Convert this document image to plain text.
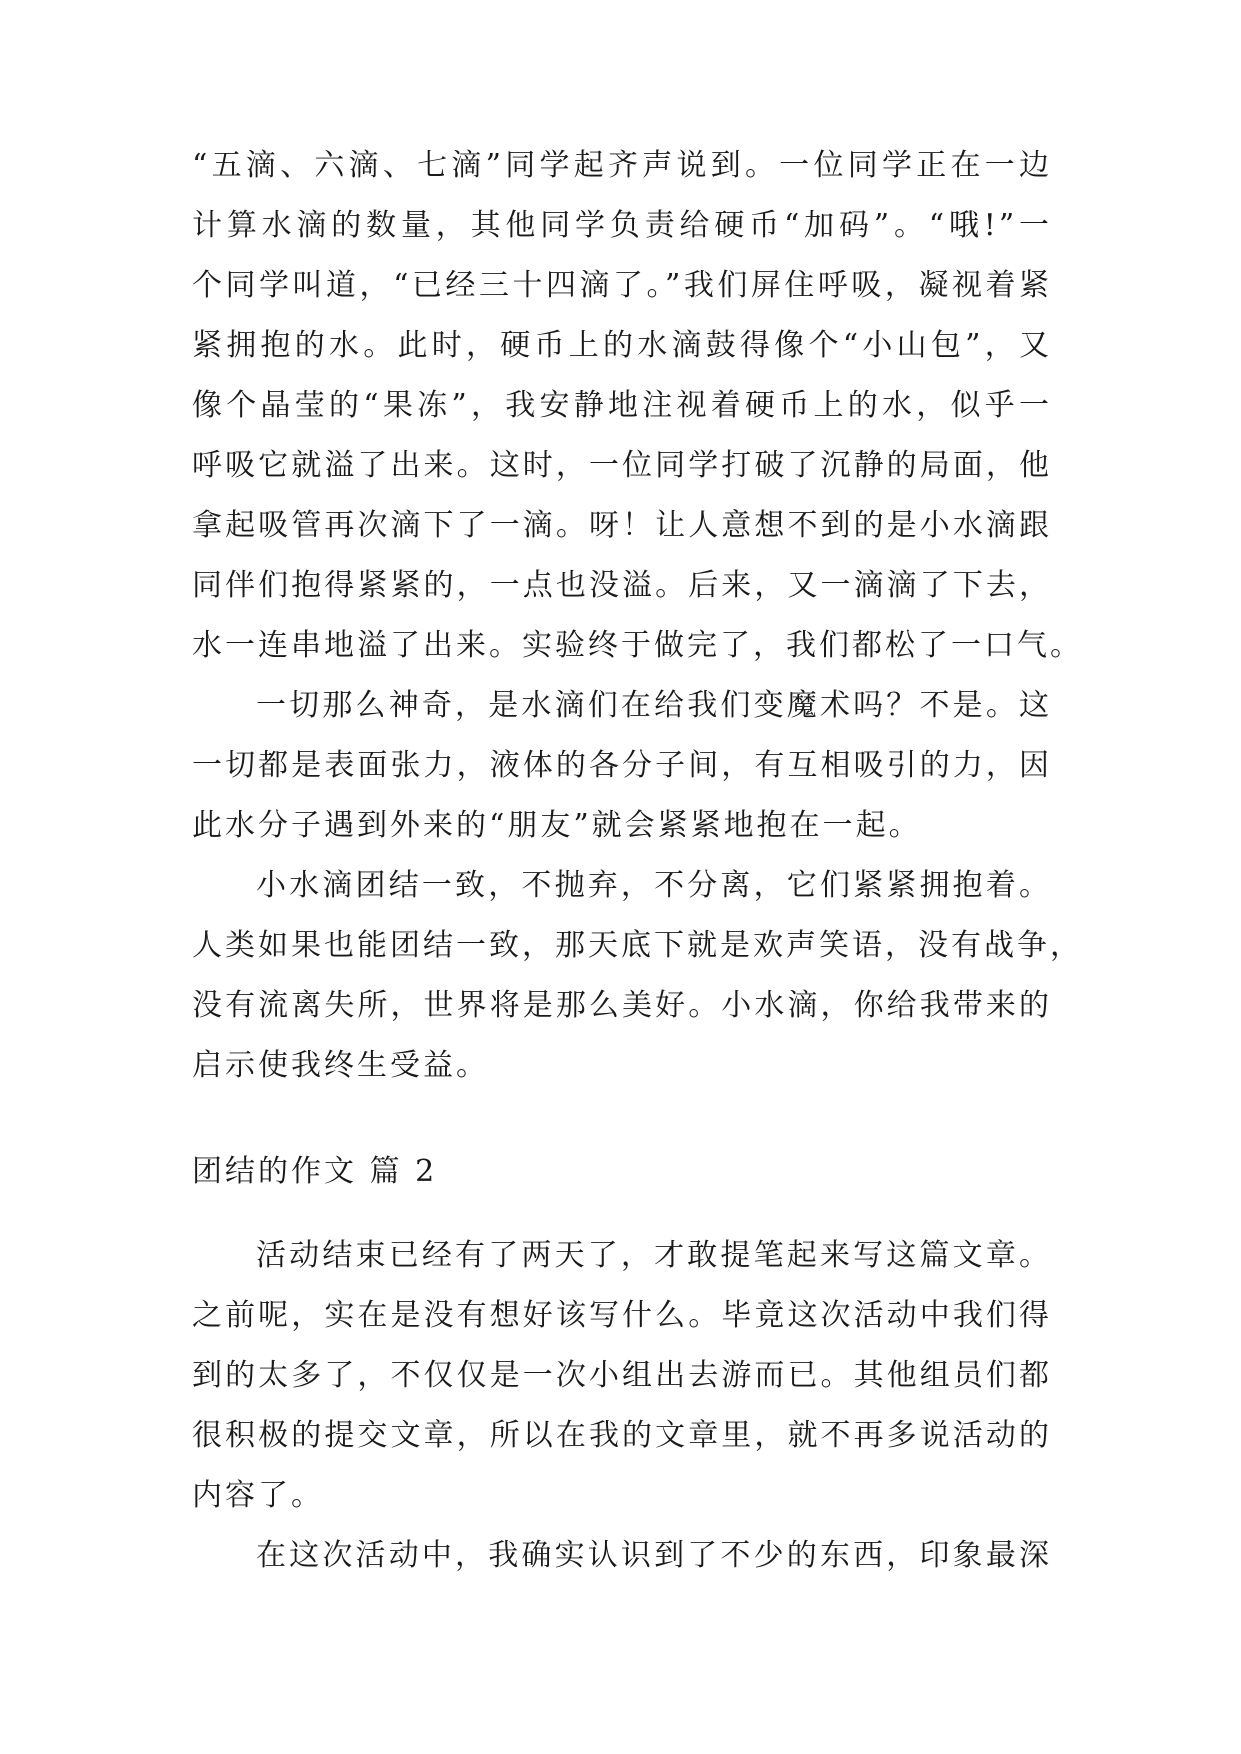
“五滴、六滴、七滴”同学起齐声说到。一位同学正在一边
计算水滴的数量，其他同学负责给硬币“加码”。“哦!”一
个同学叫道，“已经三十四滴了。”我们屏住呼吸，凝视着紧
紧拥抱的水。此时，硬币上的水滴鼓得像个“小山包”，又
像个晶莹的“果冻”，我安静地注视着硬币上的水，似乎一
呼吸它就溢了出来。这时，一位同学打破了沉静的局面，他
拿起吸管再次滴下了一滴。呀！让人意想不到的是小水滴跟
同伴们抱得紧紧的，一点也没溢。后来，又一滴滴了下去，
水一连串地溢了出来。实验终于做完了，我们都松了一口气。
一切那么神奇，是水滴们在给我们变魔术吗？不是。这
一切都是表面张力，液体的各分子间，有互相吸引的力，因
此水分子遇到外来的“朋友”就会紧紧地抱在一起。
小水滴团结一致，不抛弃，不分离，它们紧紧拥抱着。
人类如果也能团结一致，那天底下就是欢声笑语，没有战争，
没有流离失所，世界将是那么美好。小水滴，你给我带来的
启示使我终生受益。
团结的作文 篇 2
活动结束已经有了两天了，才敢提笔起来写这篇文章。
之前呢，实在是没有想好该写什么。毕竟这次活动中我们得
到的太多了，不仅仅是一次小组出去游而已。其他组员们都
很积极的提交文章，所以在我的文章里，就不再多说活动的
内容了。
在这次活动中，我确实认识到了不少的东西，印象最深
